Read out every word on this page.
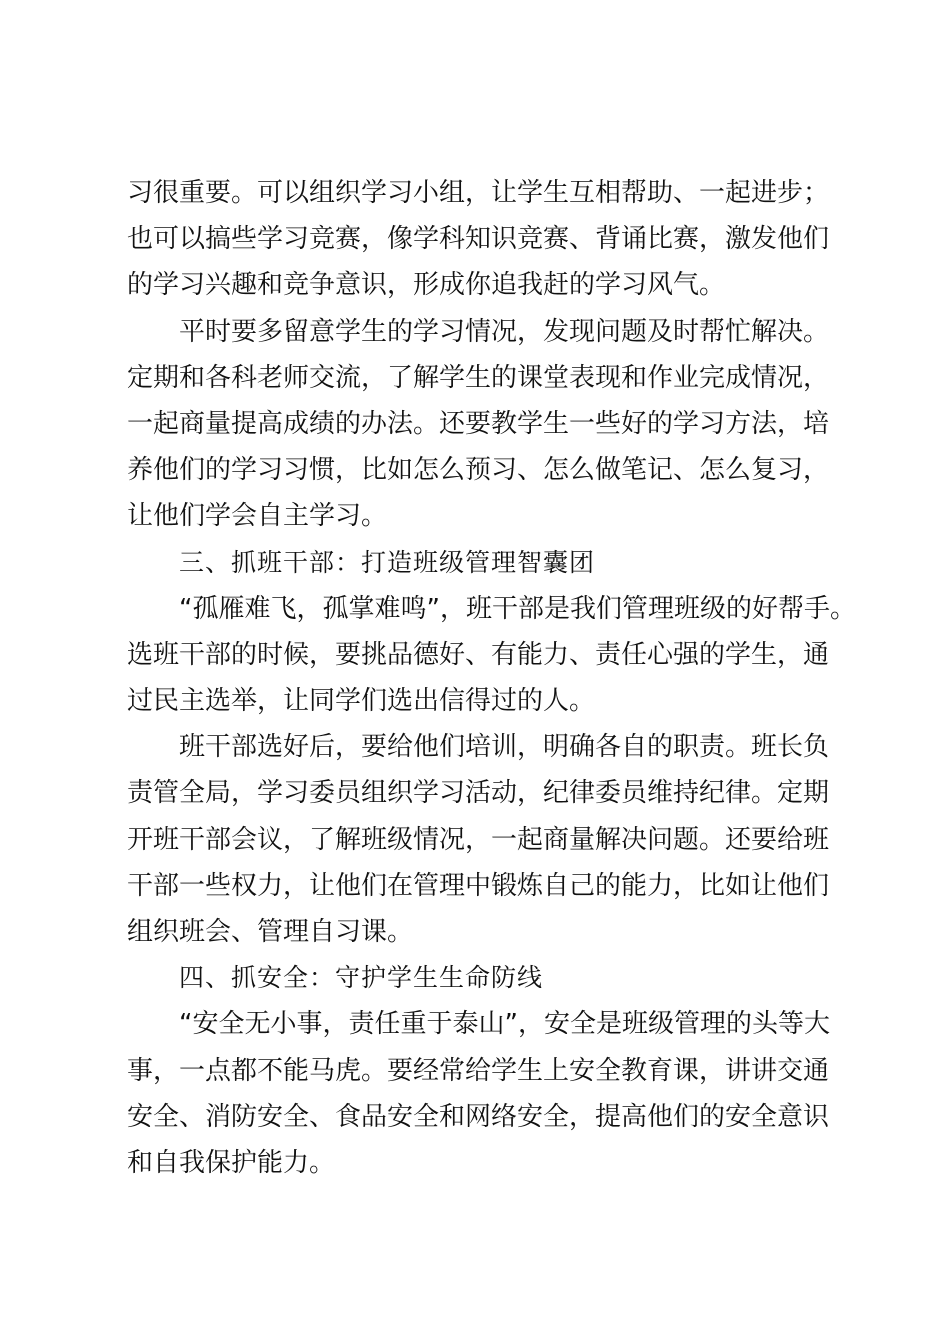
习很重要。可以组织学习小组，让学生互相帮助、一起进步；
也可以搞些学习竞赛，像学科知识竞赛、背诵比赛，激发他们
的学习兴趣和竞争意识，形成你追我赶的学习风气。
平时要多留意学生的学习情况，发现问题及时帮忙解决。
定期和各科老师交流，了解学生的课堂表现和作业完成情况，
一起商量提高成绩的办法。还要教学生一些好的学习方法，培
养他们的学习习惯，比如怎么预习、怎么做笔记、怎么复习，
让他们学会自主学习。
三、抓班干部：打造班级管理智囊团
“孤雁难飞，孤掌难鸣”，班干部是我们管理班级的好帮手。
选班干部的时候，要挑品德好、有能力、责任心强的学生，通
过民主选举，让同学们选出信得过的人。
班干部选好后，要给他们培训，明确各自的职责。班长负
责管全局，学习委员组织学习活动，纪律委员维持纪律。定期
开班干部会议，了解班级情况，一起商量解决问题。还要给班
干部一些权力，让他们在管理中锻炼自己的能力，比如让他们
组织班会、管理自习课。
四、抓安全：守护学生生命防线
“安全无小事，责任重于泰山”，安全是班级管理的头等大
事，一点都不能马虎。要经常给学生上安全教育课，讲讲交通
安全、消防安全、食品安全和网络安全，提高他们的安全意识
和自我保护能力。
